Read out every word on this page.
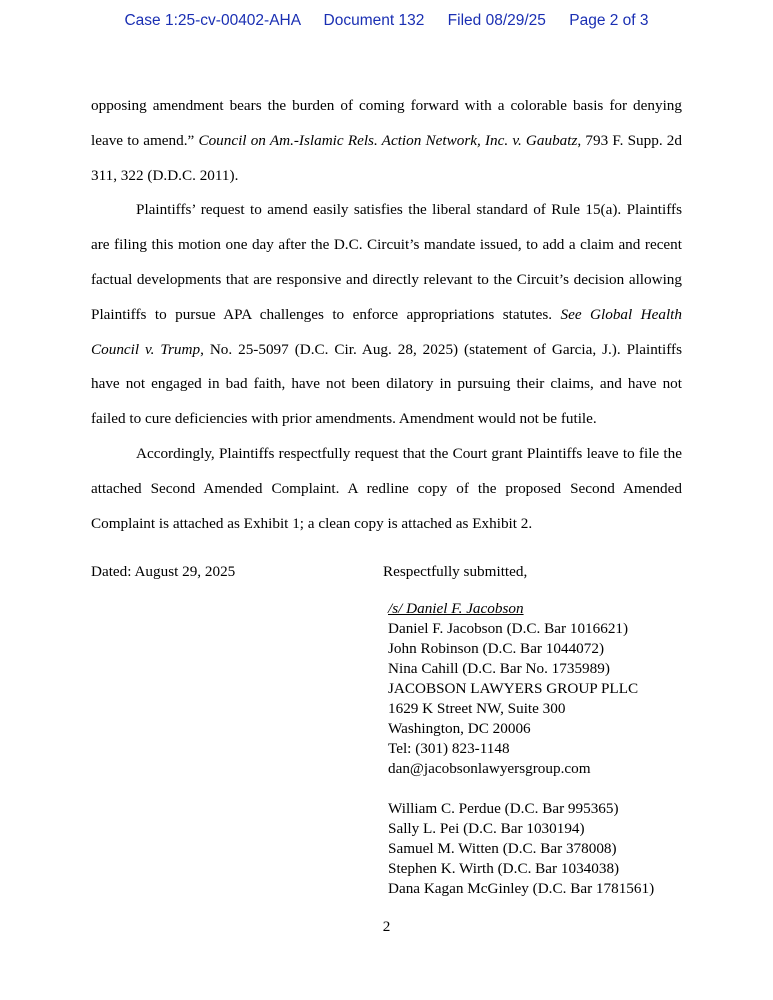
Case 1:25-cv-00402-AHA Document 132 Filed 08/29/25 Page 2 of 3

opposing amendment bears the burden of coming forward with a colorable basis for denying leave to amend.” Council on Am.-Islamic Rels. Action Network, Inc. v. Gaubatz, 793 F. Supp. 2d 311, 322 (D.D.C. 2011).

Plaintiffs’ request to amend easily satisfies the liberal standard of Rule 15(a). Plaintiffs are filing this motion one day after the D.C. Circuit’s mandate issued, to add a claim and recent factual developments that are responsive and directly relevant to the Circuit’s decision allowing Plaintiffs to pursue APA challenges to enforce appropriations statutes. See Global Health Council v. Trump, No. 25-5097 (D.C. Cir. Aug. 28, 2025) (statement of Garcia, J.). Plaintiffs have not engaged in bad faith, have not been dilatory in pursuing their claims, and have not failed to cure deficiencies with prior amendments. Amendment would not be futile.

Accordingly, Plaintiffs respectfully request that the Court grant Plaintiffs leave to file the attached Second Amended Complaint. A redline copy of the proposed Second Amended Complaint is attached as Exhibit 1; a clean copy is attached as Exhibit 2.

Dated: August 29, 2025	Respectfully submitted,
/s/ Daniel F. Jacobson
Daniel F. Jacobson (D.C. Bar 1016621)
John Robinson (D.C. Bar 1044072)
Nina Cahill (D.C. Bar No. 1735989)
JACOBSON LAWYERS GROUP PLLC
1629 K Street NW, Suite 300
Washington, DC 20006
Tel: (301) 823-1148
dan@jacobsonlawyersgroup.com
William C. Perdue (D.C. Bar 995365)
Sally L. Pei (D.C. Bar 1030194)
Samuel M. Witten (D.C. Bar 378008)
Stephen K. Wirth (D.C. Bar 1034038)
Dana Kagan McGinley (D.C. Bar 1781561)
2
